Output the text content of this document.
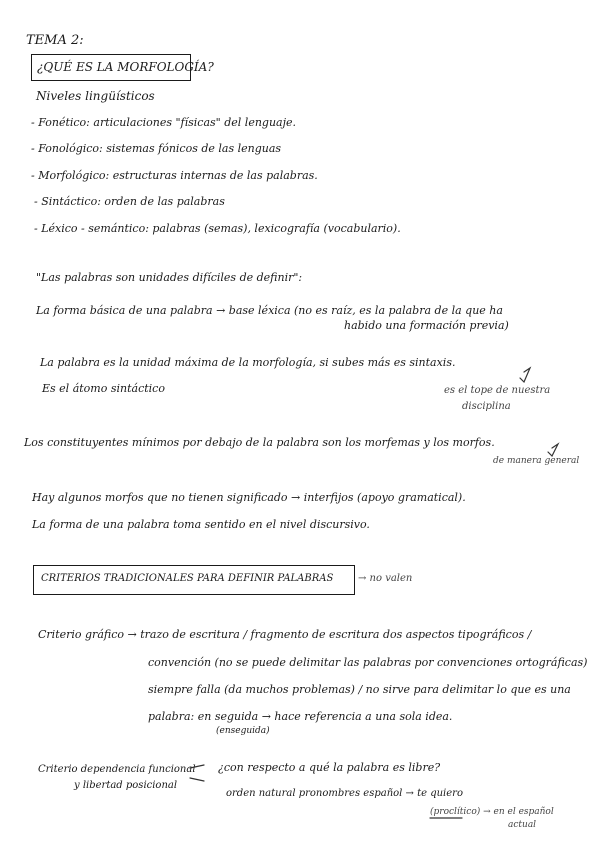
TEMA 2:
¿QUÉ ES LA MORFOLOGÍA?
Niveles lingüísticos
- Fonético: articulaciones "físicas" del lenguaje.
- Fonológico: sistemas fónicos de las lenguas
- Morfológico: estructuras internas de las palabras.
- Sintáctico: orden de las palabras
- Léxico - semántico: palabras (semas), lexicografía (vocabulario).
"Las palabras son unidades difíciles de definir":
La forma básica de una palabra → base léxica (no es raíz, es la palabra de la que ha
habido una formación previa)
La palabra es la unidad máxima de la morfología, si subes más es sintaxis.
Es el átomo sintáctico	es el tope de nuestra
disciplina
Los constituyentes mínimos por debajo de la palabra son los morfemas y los morfos.
de manera general
Hay algunos morfos que no tienen significado → interfijos (apoyo gramatical).
La forma de una palabra toma sentido en el nivel discursivo.
CRITERIOS TRADICIONALES PARA DEFINIR PALABRAS → no valen
Criterio gráfico → trazo de escritura / fragmento de escritura dos aspectos tipográficos /
convención (no se puede delimitar las palabras por convenciones ortográficas)
siempre falla (da muchos problemas) / no sirve para delimitar lo que es una
palabra: en seguida → hace referencia a una sola idea.
(enseguida)
Criterio dependencia funcional
y libertad posicional
¿con respecto a qué la palabra es libre?
orden natural pronombres español → te quiero
(proclítico) → en el español
actual
